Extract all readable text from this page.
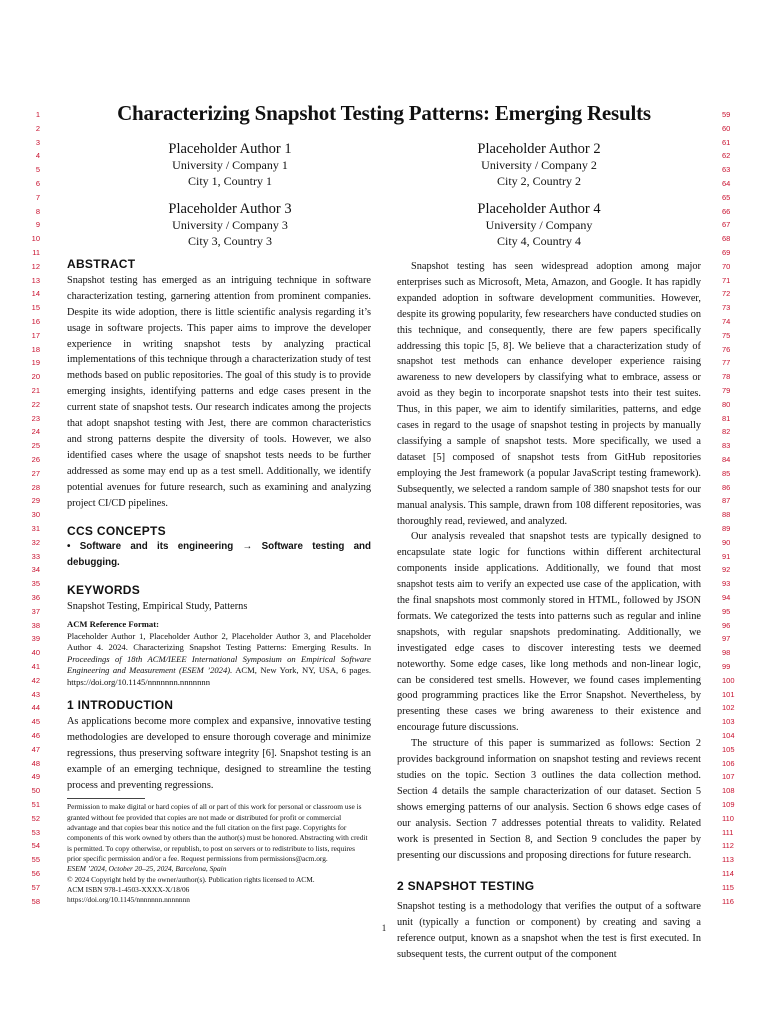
1
2
3
4
5
6
7
8
9
10
11
12
13
14
15
16
17
18
19
20
21
22
23
24
25
26
27
28
29
30
31
32
33
34
35
36
37
38
39
40
41
42
43
44
45
46
47
48
49
50
51
52
53
54
55
56
57
58
59
60
61
62
63
64
65
66
67
68
69
70
71
72
73
74
75
76
77
78
79
80
81
82
83
84
85
86
87
88
89
90
91
92
93
94
95
96
97
98
99
100
101
102
103
104
105
106
107
108
109
110
111
112
113
114
115
116
Characterizing Snapshot Testing Patterns: Emerging Results
Placeholder Author 1
University / Company 1
City 1, Country 1
Placeholder Author 2
University / Company 2
City 2, Country 2
Placeholder Author 3
University / Company 3
City 3, Country 3
Placeholder Author 4
University / Company
City 4, Country 4

ABSTRACT

Snapshot testing has emerged as an intriguing technique in software characterization testing, garnering attention from prominent companies. Despite its wide adoption, there is little scientific analysis regarding it’s usage in software projects. This paper aims to improve the developer experience in writing snapshot tests by analyzing practical implementations of this technique through a characterization study of test methods based on public repositories. The goal of this study is to provide emerging insights, identifying patterns and edge cases present in the current state of snapshot tests. Our research indicates among the projects that adopt snapshot testing with Jest, there are common characteristics and strong patterns despite the diversity of tools. However, we also identified cases where the usage of snapshot tests needs to be further addressed as some may end up as a test smell. Additionally, we identify potential avenues for future research, such as examining and analyzing project CI/CD pipelines.

CCS CONCEPTS

• Software and its engineering → Software testing and debugging.

KEYWORDS

Snapshot Testing, Empirical Study, Patterns

ACM Reference Format:
Placeholder Author 1, Placeholder Author 2, Placeholder Author 3, and Placeholder Author 4. 2024. Characterizing Snapshot Testing Patterns: Emerging Results. In Proceedings of 18th ACM/IEEE International Symposium on Empirical Software Engineering and Measurement (ESEM ’2024). ACM, New York, NY, USA, 6 pages. https://doi.org/10.1145/nnnnnnn.nnnnnnn

1 INTRODUCTION

As applications become more complex and expansive, innovative testing methodologies are developed to ensure thorough coverage and minimize regressions, thus preserving software integrity [6]. Snapshot testing is an example of an emerging technique, designed to streamline the testing process and preventing regressions.

Permission to make digital or hard copies of all or part of this work for personal or classroom use is granted without fee provided that copies are not made or distributed for profit or commercial advantage and that copies bear this notice and the full citation on the first page. Copyrights for components of this work owned by others than the author(s) must be honored. Abstracting with credit is permitted. To copy otherwise, or republish, to post on servers or to redistribute to lists, requires prior specific permission and/or a fee. Request permissions from permissions@acm.org.
ESEM ’2024, October 20–25, 2024, Barcelona, Spain
© 2024 Copyright held by the owner/author(s). Publication rights licensed to ACM.
ACM ISBN 978-1-4503-XXXX-X/18/06
https://doi.org/10.1145/nnnnnnn.nnnnnnn

Snapshot testing has seen widespread adoption among major enterprises such as Microsoft, Meta, Amazon, and Google. It has rapidly expanded adoption in software development communities. However, despite its growing popularity, few researchers have conducted studies on this technique, and consequently, there are few papers specifically addressing this topic [5, 8]. We believe that a characterization study of snapshot test methods can enhance developer experience raising awareness to new developers by classifying what to embrace, assess or avoid as they begin to incorporate snapshot tests into their test suites. Thus, in this paper, we aim to identify similarities, patterns, and edge cases in regard to the usage of snapshot testing in projects by manually classifying a sample of snapshot tests. More specifically, we used a dataset [5] composed of snapshot tests from GitHub repositories employing the Jest framework (a popular JavaScript testing framework). Subsequently, we selected a random sample of 380 snapshot tests for our manual analysis. This sample, drawn from 108 different repositories, was thoroughly read, reviewed, and analyzed.

Our analysis revealed that snapshot tests are typically designed to encapsulate state logic for functions within different architectural components inside applications. Additionally, we found that most snapshot tests aim to verify an expected use case of the application, with the final snapshots most commonly stored in HTML, followed by JSON formats. We categorized the tests into patterns such as regular and inline snapshots, with regular snapshots predominating. Additionally, we investigated edge cases to discover interesting tests we deemed noteworthy. Some edge cases, like long methods and non-linear logic, can be considered test smells. However, we found cases implementing good programming practices like the Error Snapshot. Nevertheless, by presenting these cases we bring awareness to their existence and encourage future discussions.

The structure of this paper is summarized as follows: Section 2 provides background information on snapshot testing and reviews recent studies on the topic. Section 3 outlines the data collection method. Section 4 details the sample characterization of our dataset. Section 5 shows emerging patterns of our analysis. Section 6 shows edge cases of our analysis. Section 7 addresses potential threats to validity. Related work is presented in Section 8, and Section 9 concludes the paper by presenting our discussions and proposing directions for future research.

2 SNAPSHOT TESTING

Snapshot testing is a methodology that verifies the output of a software unit (typically a function or component) by creating and saving a reference output, known as a snapshot when the test is first executed. In subsequent tests, the current output of the component

1
